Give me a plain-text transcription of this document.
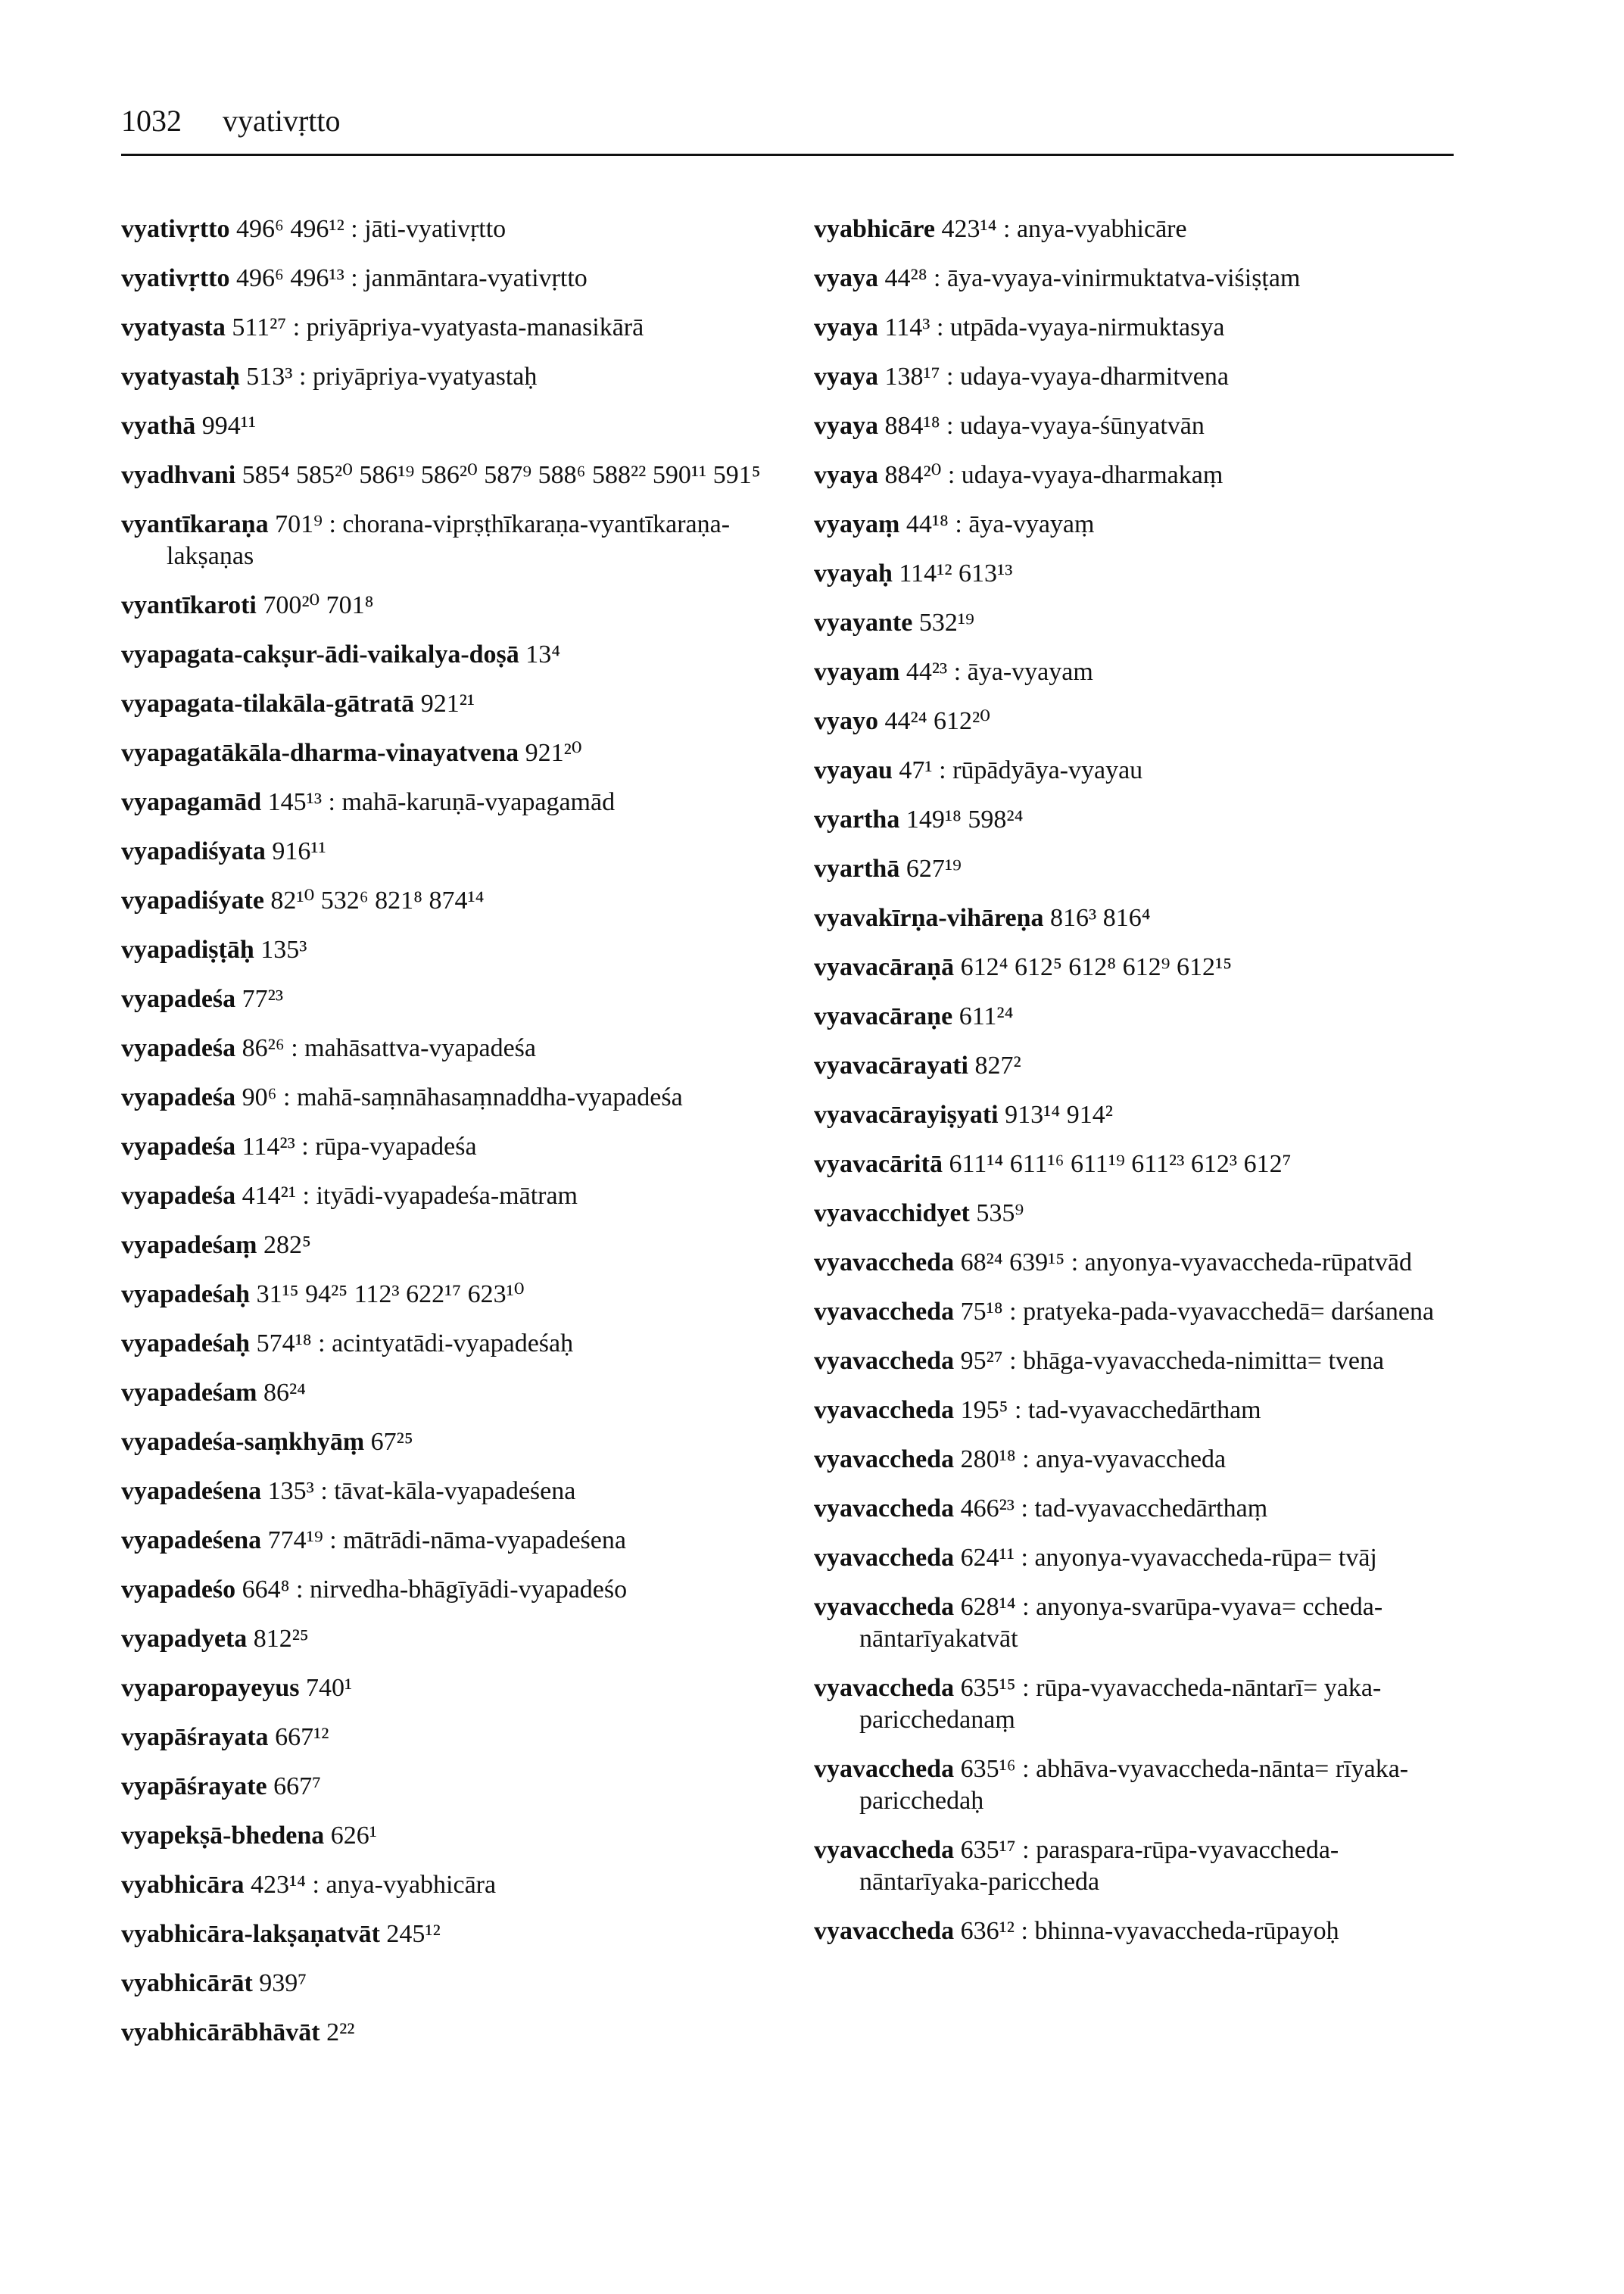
1032 vyativṛtto
vyativṛtto 496⁶ 496¹² : jāti-vyativṛtto
vyativṛtto 496⁶ 496¹³ : janmāntara-vyativṛtto
vyatyasta 511²⁷ : priyāpriya-vyatyasta-manasikārā
vyatyastaḥ 513³ : priyāpriya-vyatyastaḥ
vyathā 994¹¹
vyadhvani 585⁴ 585²⁰ 586¹⁹ 586²⁰ 587⁹ 588⁶ 588²² 590¹¹ 591⁵
vyantīkaraṇa 701⁹ : chorana-viprṣṭhīkaraṇa-vyantīkaraṇa-lakṣaṇas
vyantīkaroti 700²⁰ 701⁸
vyapagata-cakṣur-ādi-vaikalya-doṣā 13⁴
vyapagata-tilakāla-gātratā 921²¹
vyapagatākāla-dharma-vinayatvena 921²⁰
vyapagamād 145¹³ : mahā-karuṇā-vyapagamād
vyapadiśyata 916¹¹
vyapadiśyate 82¹⁰ 532⁶ 821⁸ 874¹⁴
vyapadiṣṭāḥ 135³
vyapadeśa 77²³
vyapadeśa 86²⁶ : mahāsattva-vyapadeśa
vyapadeśa 90⁶ : mahā-saṃnāhasaṃnaddha-vyapadeśa
vyapadeśa 114²³ : rūpa-vyapadeśa
vyapadeśa 414²¹ : ityādi-vyapadeśa-mātram
vyapadeśaṃ 282⁵
vyapadeśaḥ 31¹⁵ 94²⁵ 112³ 622¹⁷ 623¹⁰
vyapadeśaḥ 574¹⁸ : acintyatādi-vyapadeśaḥ
vyapadeśam 86²⁴
vyapadeśa-saṃkhyāṃ 67²⁵
vyapadeśena 135³ : tāvat-kāla-vyapadeśena
vyapadeśena 774¹⁹ : mātrādi-nāma-vyapadeśena
vyapadeśo 664⁸ : nirvedha-bhāgīyādi-vyapadeśo
vyapadyeta 812²⁵
vyaparopayeyus 740¹
vyapāśrayata 667¹²
vyapāśrayate 667⁷
vyapekṣā-bhedena 626¹
vyabhicāra 423¹⁴ : anya-vyabhicāra
vyabhicāra-lakṣaṇatvāt 245¹²
vyabhicārāt 939⁷
vyabhicārābhāvāt 2²²
vyabhicāre 423¹⁴ : anya-vyabhicāre
vyaya 44²⁸ : āya-vyaya-vinirmuktatva-viśiṣṭam
vyaya 114³ : utpāda-vyaya-nirmuktasya
vyaya 138¹⁷ : udaya-vyaya-dharmitvena
vyaya 884¹⁸ : udaya-vyaya-śūnyatvān
vyaya 884²⁰ : udaya-vyaya-dharmakaṃ
vyayaṃ 44¹⁸ : āya-vyayaṃ
vyayaḥ 114¹² 613¹³
vyayante 532¹⁹
vyayam 44²³ : āya-vyayam
vyayo 44²⁴ 612²⁰
vyayau 47¹ : rūpādyāya-vyayau
vyartha 149¹⁸ 598²⁴
vyarthā 627¹⁹
vyavakīrṇa-vihāreṇa 816³ 816⁴
vyavacāraṇā 612⁴ 612⁵ 612⁸ 612⁹ 612¹⁵
vyavacāraṇe 611²⁴
vyavacārayati 827²
vyavacārayiṣyati 913¹⁴ 914²
vyavacāritā 611¹⁴ 611¹⁶ 611¹⁹ 611²³ 612³ 612⁷
vyavacchidyet 535⁹
vyavaccheda 68²⁴ 639¹⁵ : anyonya-vyavaccheda-rūpatvād
vyavaccheda 75¹⁸ : pratyeka-pada-vyavacchedā= darśanena
vyavaccheda 95²⁷ : bhāga-vyavaccheda-nimitta= tvena
vyavaccheda 195⁵ : tad-vyavacchedārtham
vyavaccheda 280¹⁸ : anya-vyavaccheda
vyavaccheda 466²³ : tad-vyavacchedārthaṃ
vyavaccheda 624¹¹ : anyonya-vyavaccheda-rūpa= tvāj
vyavaccheda 628¹⁴ : anyonya-svarūpa-vyava= ccheda-nāntarīyakatvāt
vyavaccheda 635¹⁵ : rūpa-vyavaccheda-nāntarī= yaka-paricchedanaṃ
vyavaccheda 635¹⁶ : abhāva-vyavaccheda-nānta= rīyaka-paricchedaḥ
vyavaccheda 635¹⁷ : paraspara-rūpa-vyavaccheda-nāntarīyaka-pariccheda
vyavaccheda 636¹² : bhinna-vyavaccheda-rūpayoḥ
